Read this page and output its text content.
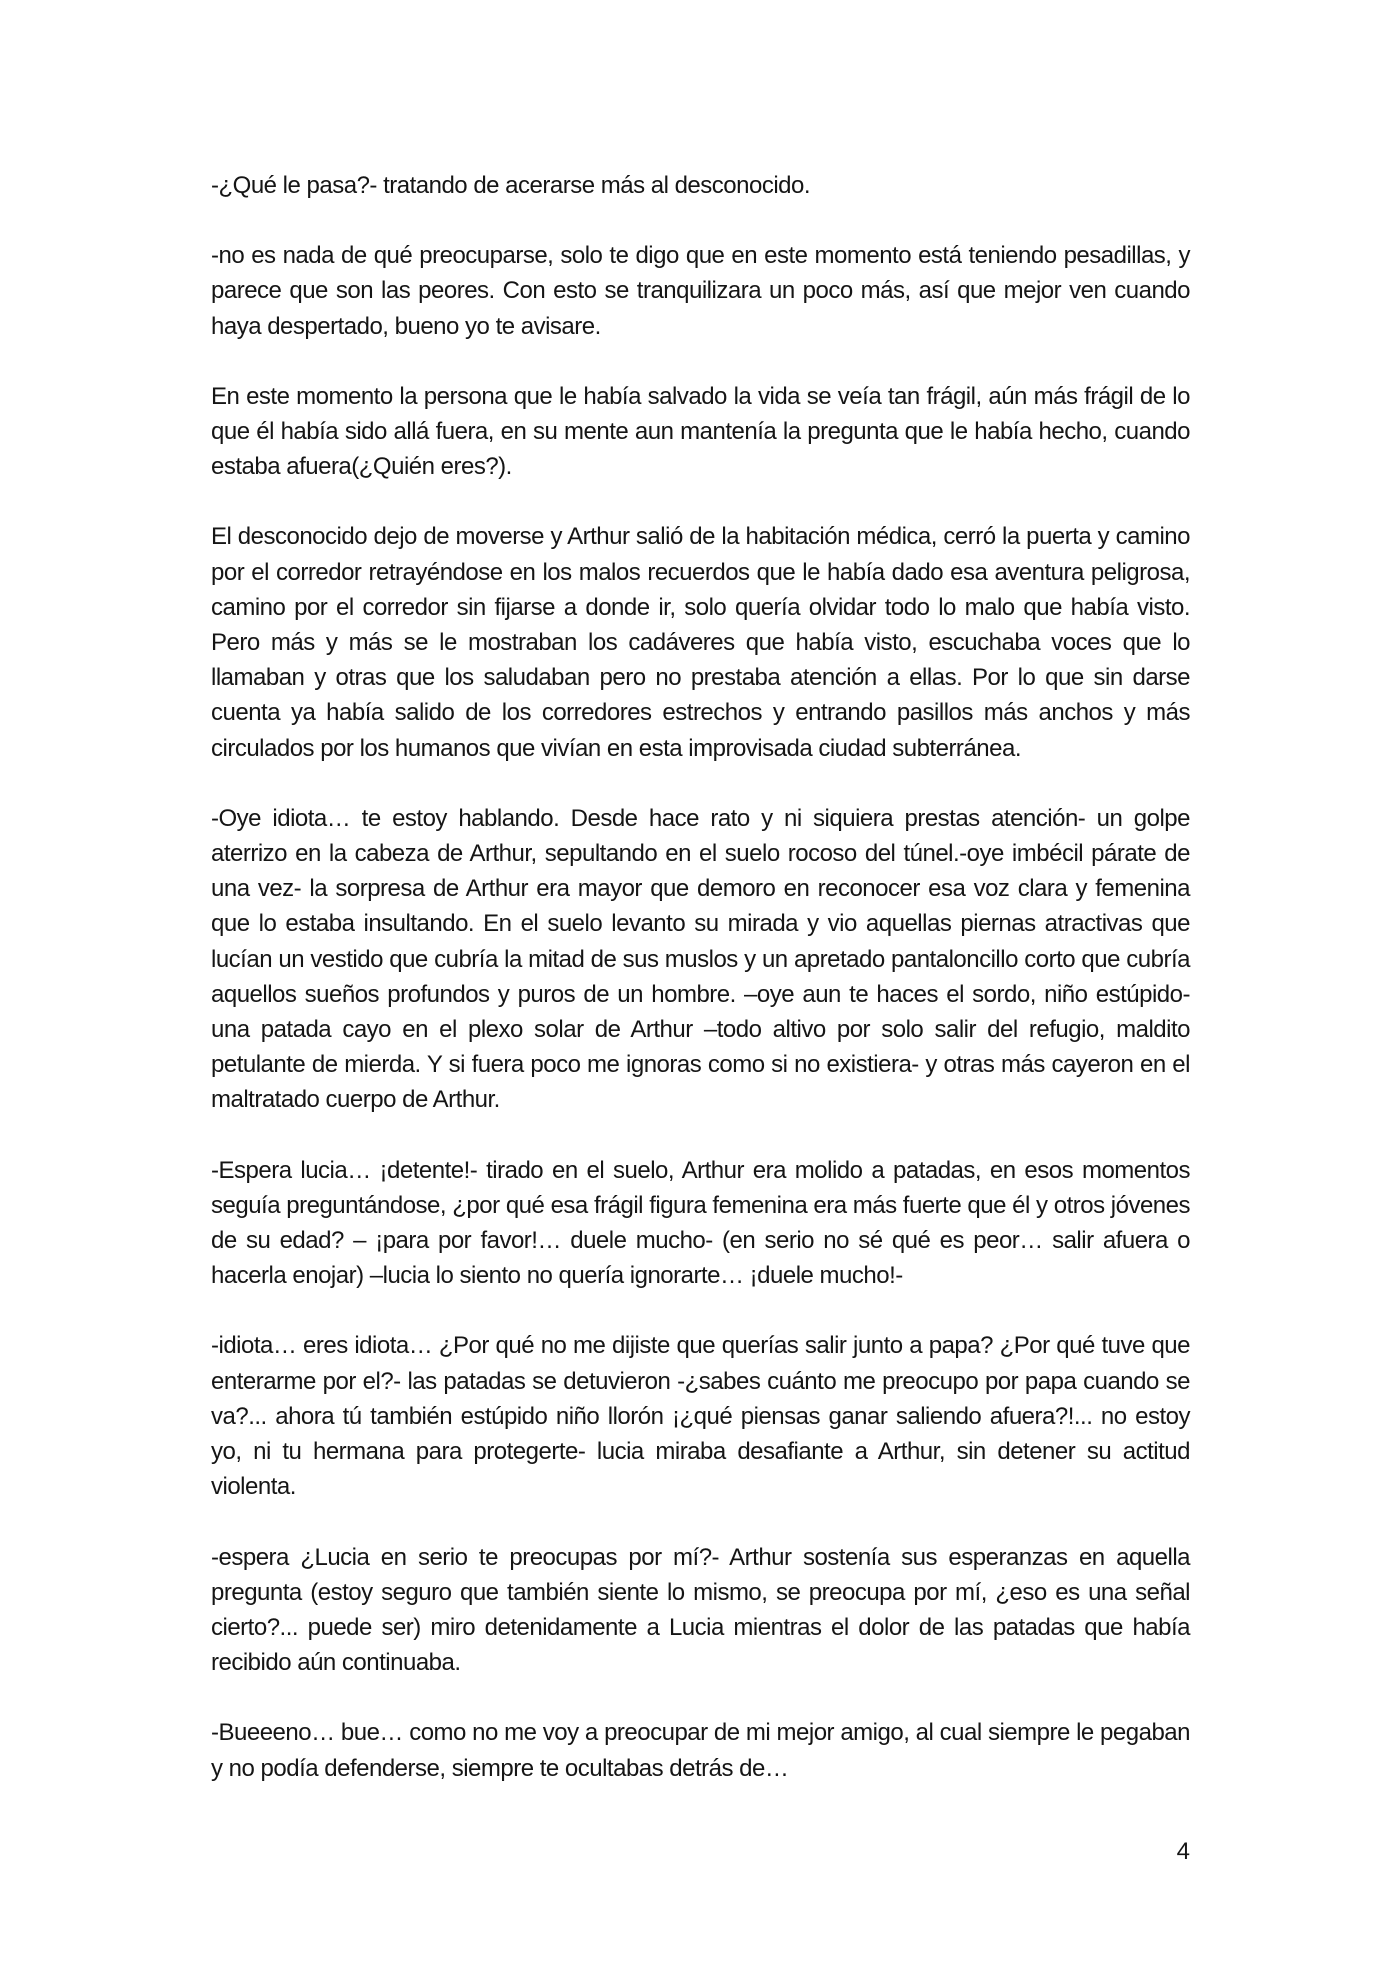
-¿Qué le pasa?- tratando de acerarse más al desconocido.

-no es nada de qué preocuparse, solo te digo que en este momento está teniendo pesadillas, y parece que son las peores. Con esto se tranquilizara un poco más, así que mejor ven cuando haya despertado, bueno yo te avisare.

En este momento la persona que le había salvado la vida se veía tan frágil, aún más frágil de lo que él había sido allá fuera, en su mente aun mantenía la pregunta que le había hecho, cuando estaba afuera(¿Quién eres?).

El desconocido dejo de moverse y Arthur salió de la habitación médica, cerró la puerta y camino por el corredor retrayéndose en los malos recuerdos que le había dado esa aventura peligrosa, camino por el corredor sin fijarse a donde ir, solo quería olvidar todo lo malo que había visto. Pero más y más se le mostraban los cadáveres que había visto, escuchaba voces que lo llamaban y otras que los saludaban pero no prestaba atención a ellas. Por lo que sin darse cuenta ya había salido de los corredores estrechos y entrando pasillos más anchos y más circulados por los humanos que vivían en esta improvisada ciudad subterránea.

-Oye idiota… te estoy hablando. Desde hace rato y ni siquiera prestas atención- un golpe aterrizo en la cabeza de Arthur, sepultando en el suelo rocoso del túnel.-oye imbécil párate de una vez- la sorpresa de Arthur era mayor que demoro en reconocer esa voz clara y femenina que lo estaba insultando. En el suelo levanto su mirada y vio aquellas piernas atractivas que lucían un vestido que cubría la mitad de sus muslos y un apretado pantaloncillo corto que cubría aquellos sueños profundos y puros de un hombre. –oye aun te haces el sordo, niño estúpido- una patada cayo en el plexo solar de Arthur –todo altivo por solo salir del refugio, maldito petulante de mierda. Y si fuera poco me ignoras como si no existiera- y otras más cayeron en el maltratado cuerpo de Arthur.

-Espera lucia… ¡detente!- tirado en el suelo, Arthur era molido a patadas, en esos momentos seguía preguntándose, ¿por qué esa frágil figura femenina era más fuerte que él y otros jóvenes de su edad? – ¡para por favor!… duele mucho- (en serio no sé qué es peor… salir afuera o hacerla enojar) –lucia lo siento no quería ignorarte… ¡duele mucho!-

-idiota… eres idiota… ¿Por qué no me dijiste que querías salir junto a papa? ¿Por qué tuve que enterarme por el?- las patadas se detuvieron -¿sabes cuánto me preocupo por papa cuando se va?... ahora tú también estúpido niño llorón ¡¿qué piensas ganar saliendo afuera?!... no estoy yo, ni tu hermana para protegerte- lucia miraba desafiante a Arthur, sin detener su actitud violenta.

-espera ¿Lucia en serio te preocupas por mí?- Arthur sostenía sus esperanzas en aquella pregunta (estoy seguro que también siente lo mismo, se preocupa por mí, ¿eso es una señal cierto?... puede ser) miro detenidamente a Lucia mientras el dolor de las patadas que había recibido aún continuaba.

-Bueeeno… bue… como no me voy a preocupar de mi mejor amigo, al cual siempre le pegaban y no podía defenderse, siempre te ocultabas detrás de…

4
